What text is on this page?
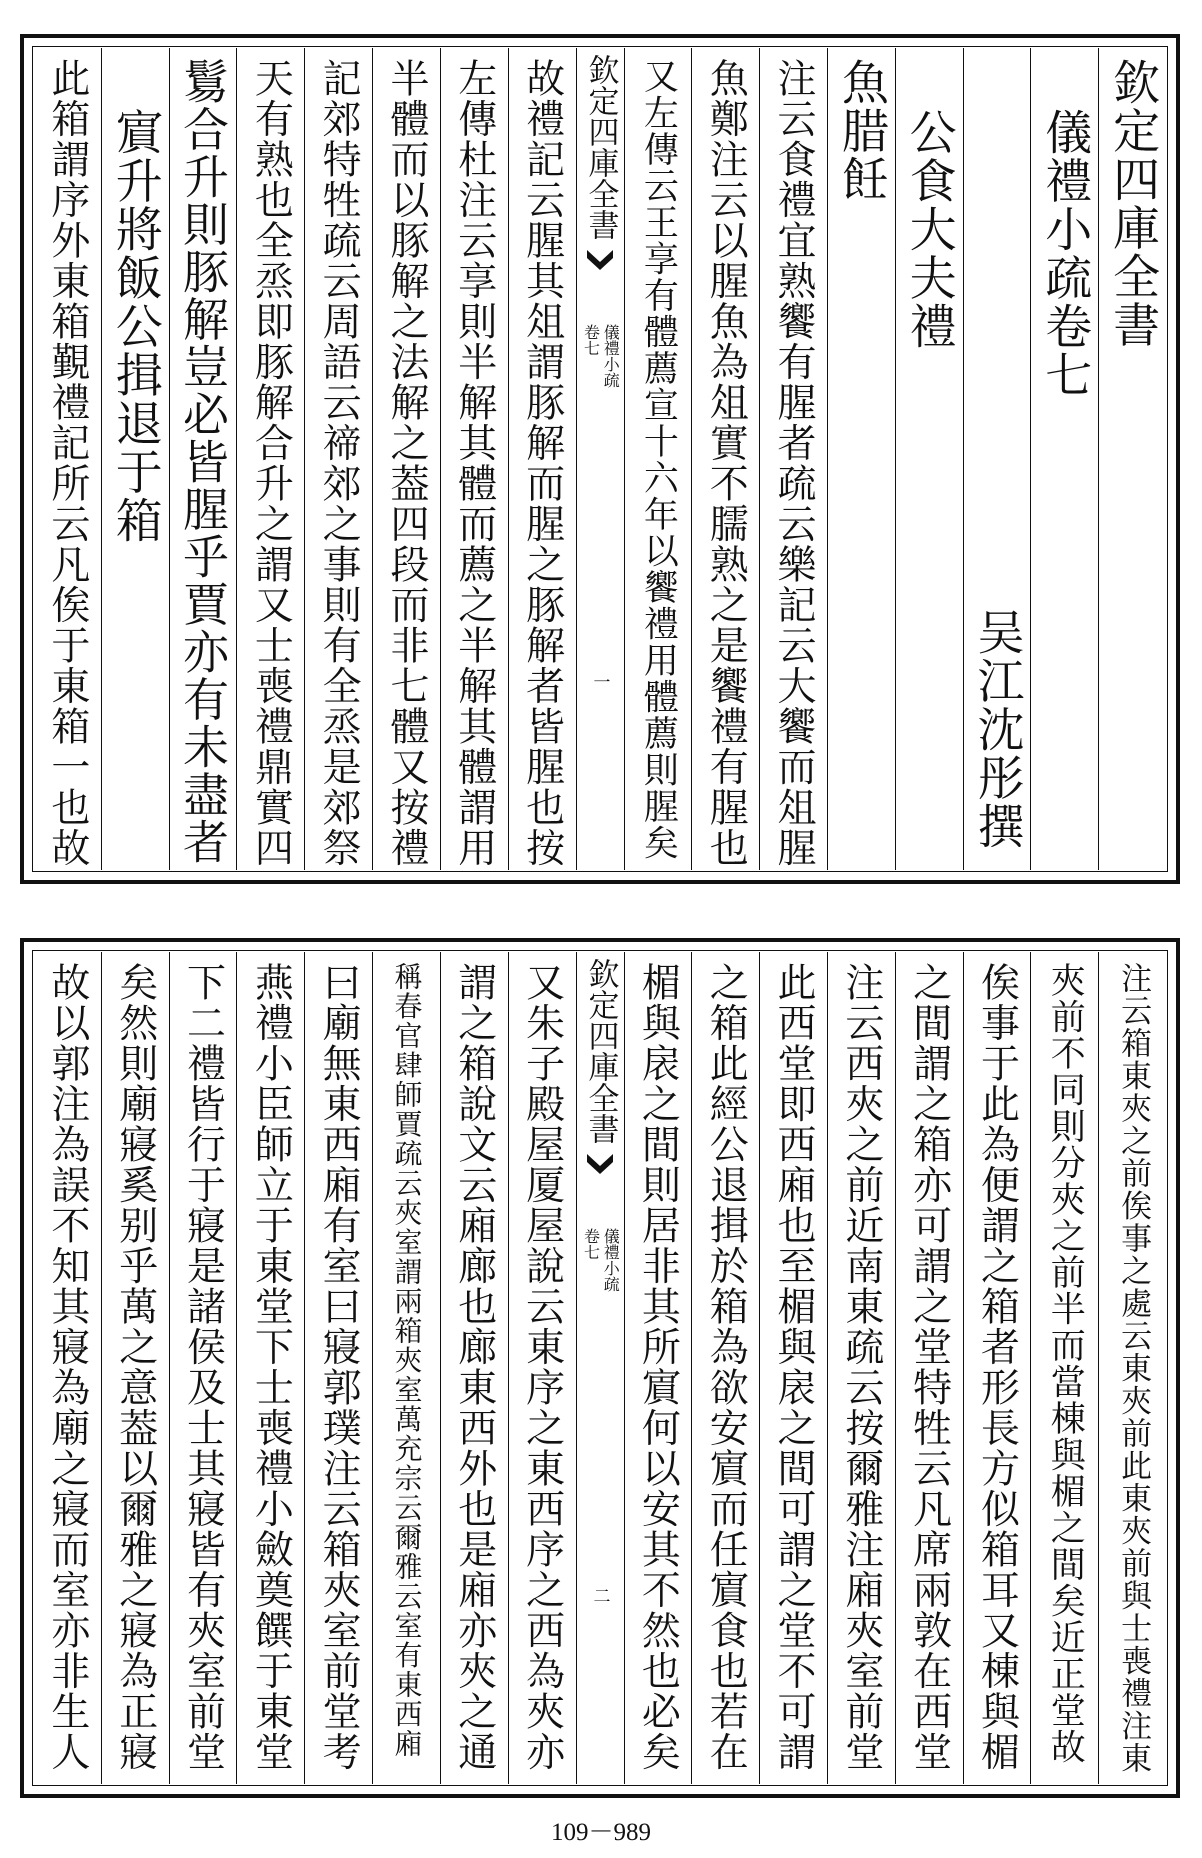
欽定四庫全書
儀禮小疏卷七
吴江沈彤撰
公食大夫禮
魚腊飪
注云食禮宜熟饗有腥者疏云樂記云大饗而俎腥
魚鄭注云以腥魚為俎實不臑熟之是饗禮有腥也
又左傳云王享有體薦宣十六年以饗禮用體薦則腥矣
欽定四庫全書
儀禮小疏
卷七
一
故禮記云腥其俎謂豚解而腥之豚解者皆腥也按
左傳杜注云享則半解其體而薦之半解其體謂用
半體而以豚解之法解之葢四段而非七體又按禮
記郊特牲疏云周語云禘郊之事則有全烝是郊祭
天有熟也全烝即豚解合升之謂又士喪禮鼎實四
鬄合升則豚解豈必皆腥乎賈亦有未盡者
賔升將飯公揖退于箱
此箱謂序外東箱覲禮記所云凡俟于東箱一也故
注云箱東夾之前俟事之處云東夾前此東夾前與士喪禮注東
夾前不同則分夾之前半而當棟與楣之間矣近正堂故
俟事于此為便謂之箱者形長方似箱耳又棟與楣
之間謂之箱亦可謂之堂特牲云凡席兩敦在西堂
注云西夾之前近南東疏云按爾雅注廂夾室前堂
此西堂即西廂也至楣與扆之間可謂之堂不可謂
之箱此經公退揖於箱為欲安賔而任賔食也若在
楣與扆之間則居非其所賔何以安其不然也必矣
欽定四庫全書
儀禮小疏
卷七
二
又朱子殿屋厦屋說云東序之東西序之西為夾亦
謂之箱說文云廂廊也廊東西外也是廂亦夾之通
稱春官肆師賈疏云夾室謂兩箱夾室萬充宗云爾雅云室有東西廂
曰廟無東西廂有室曰寢郭璞注云箱夾室前堂考
燕禮小臣師立于東堂下士喪禮小斂奠饌于東堂
下二禮皆行于寢是諸侯及士其寢皆有夾室前堂
矣然則廟寢奚别乎萬之意葢以爾雅之寢為正寢
故以郭注為誤不知其寢為廟之寢而室亦非生人
109－989
